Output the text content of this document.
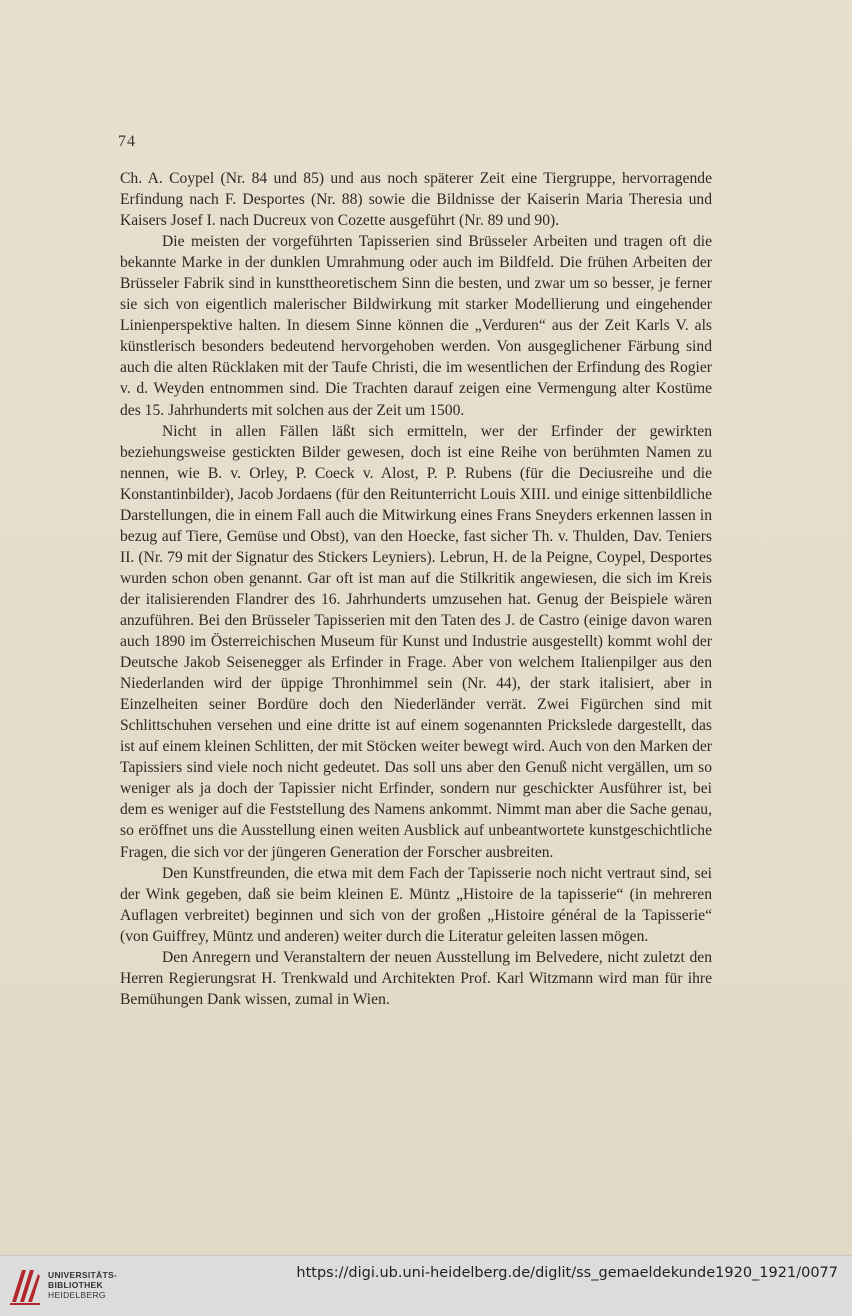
74

Ch. A. Coypel (Nr. 84 und 85) und aus noch späterer Zeit eine Tiergruppe, hervorragende Erfindung nach F. Desportes (Nr. 88) sowie die Bildnisse der Kaiserin Maria Theresia und Kaisers Josef I. nach Ducreux von Cozette ausgeführt (Nr. 89 und 90).

Die meisten der vorgeführten Tapisserien sind Brüsseler Arbeiten und tragen oft die bekannte Marke in der dunklen Umrahmung oder auch im Bildfeld. Die frühen Arbeiten der Brüsseler Fabrik sind in kunsttheoretischem Sinn die besten, und zwar um so besser, je ferner sie sich von eigentlich malerischer Bildwirkung mit starker Modellierung und eingehender Linienperspektive halten. In diesem Sinne können die „Verduren“ aus der Zeit Karls V. als künstlerisch besonders bedeutend hervorgehoben werden. Von ausgeglichener Färbung sind auch die alten Rücklaken mit der Taufe Christi, die im wesentlichen der Erfindung des Rogier v. d. Weyden entnommen sind. Die Trachten darauf zeigen eine Vermengung alter Kostüme des 15. Jahrhunderts mit solchen aus der Zeit um 1500.

Nicht in allen Fällen läßt sich ermitteln, wer der Erfinder der gewirkten beziehungsweise gestickten Bilder gewesen, doch ist eine Reihe von berühmten Namen zu nennen, wie B. v. Orley, P. Coeck v. Alost, P. P. Rubens (für die Deciusreihe und die Konstantinbilder), Jacob Jordaens (für den Reitunterricht Louis XIII. und einige sittenbildliche Darstellungen, die in einem Fall auch die Mitwirkung eines Frans Sneyders erkennen lassen in bezug auf Tiere, Gemüse und Obst), van den Hoecke, fast sicher Th. v. Thulden, Dav. Teniers II. (Nr. 79 mit der Signatur des Stickers Leyniers). Lebrun, H. de la Peigne, Coypel, Desportes wurden schon oben genannt. Gar oft ist man auf die Stilkritik angewiesen, die sich im Kreis der italisierenden Flandrer des 16. Jahrhunderts umzusehen hat. Genug der Beispiele wären anzuführen. Bei den Brüsseler Tapisserien mit den Taten des J. de Castro (einige davon waren auch 1890 im Österreichischen Museum für Kunst und Industrie ausgestellt) kommt wohl der Deutsche Jakob Seisenegger als Erfinder in Frage. Aber von welchem Italienpilger aus den Niederlanden wird der üppige Thronhimmel sein (Nr. 44), der stark italisiert, aber in Einzelheiten seiner Bordüre doch den Niederländer verrät. Zwei Figürchen sind mit Schlittschuhen versehen und eine dritte ist auf einem sogenannten Prickslede dargestellt, das ist auf einem kleinen Schlitten, der mit Stöcken weiter bewegt wird. Auch von den Marken der Tapissiers sind viele noch nicht gedeutet. Das soll uns aber den Genuß nicht vergällen, um so weniger als ja doch der Tapissier nicht Erfinder, sondern nur geschickter Ausführer ist, bei dem es weniger auf die Feststellung des Namens ankommt. Nimmt man aber die Sache genau, so eröffnet uns die Ausstellung einen weiten Ausblick auf unbeantwortete kunstgeschichtliche Fragen, die sich vor der jüngeren Generation der Forscher ausbreiten.

Den Kunstfreunden, die etwa mit dem Fach der Tapisserie noch nicht vertraut sind, sei der Wink gegeben, daß sie beim kleinen E. Müntz „Histoire de la tapisserie“ (in mehreren Auflagen verbreitet) beginnen und sich von der großen „Histoire général de la Tapisserie“ (von Guiffrey, Müntz und anderen) weiter durch die Literatur geleiten lassen mögen.

Den Anregern und Veranstaltern der neuen Ausstellung im Belvedere, nicht zuletzt den Herren Regierungsrat H. Trenkwald und Architekten Prof. Karl Witzmann wird man für ihre Bemühungen Dank wissen, zumal in Wien.

UNIVERSITÄTS-
BIBLIOTHEK
HEIDELBERG
https://digi.ub.uni-heidelberg.de/diglit/ss_gemaeldekunde1920_1921/0077
